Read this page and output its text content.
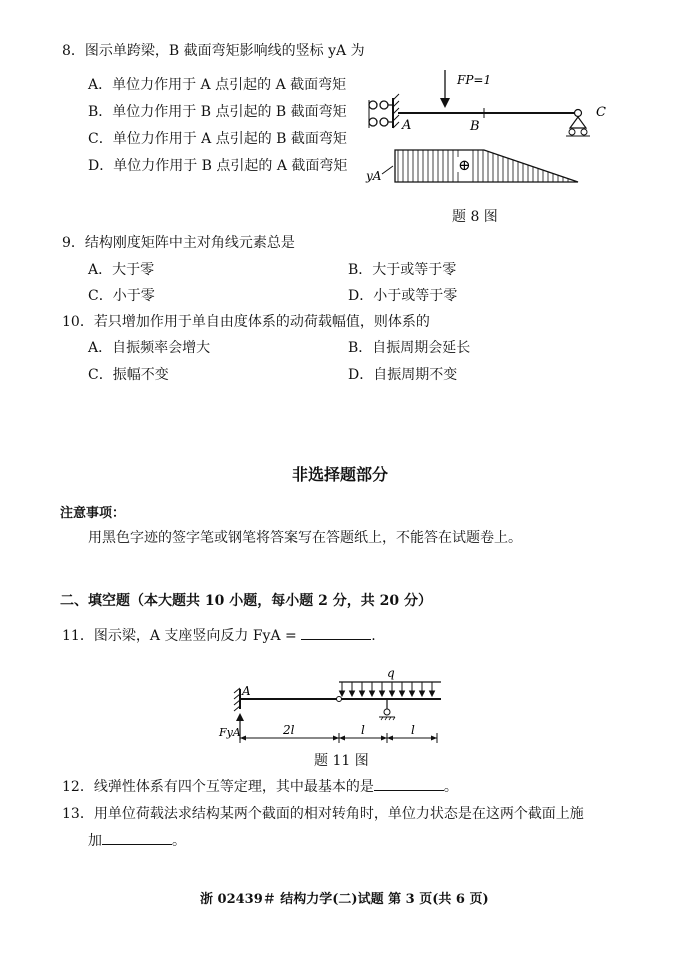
8．图示单跨梁，B 截面弯矩影响线的竖标 yA 为
A．单位力作用于 A 点引起的 A 截面弯矩
B．单位力作用于 B 点引起的 B 截面弯矩
C．单位力作用于 A 点引起的 B 截面弯矩
D．单位力作用于 B 点引起的 A 截面弯矩
FP=1
A	B
C
⊕
yA
题 8 图
9．结构刚度矩阵中主对角线元素总是
A．大于零	B．大于或等于零
C．小于零	D．小于或等于零
10．若只增加作用于单自由度体系的动荷载幅值，则体系的
A．自振频率会增大	B．自振周期会延长
C．振幅不变	D．自振周期不变
非选择题部分
注意事项：
用黑色字迹的签字笔或钢笔将答案写在答题纸上，不能答在试题卷上。
二、填空题（本大题共 10 小题，每小题 2 分，共 20 分）
11．图示梁，A 支座竖向反力 FyA =	.
A
q
FyA	2l	l	l
题 11 图
12．线弹性体系有四个互等定理，其中最基本的是	。
13．用单位荷载法求结构某两个截面的相对转角时，单位力状态是在这两个截面上施
加	。
浙 02439＃ 结构力学(二)试题 第 3 页(共 6 页)
